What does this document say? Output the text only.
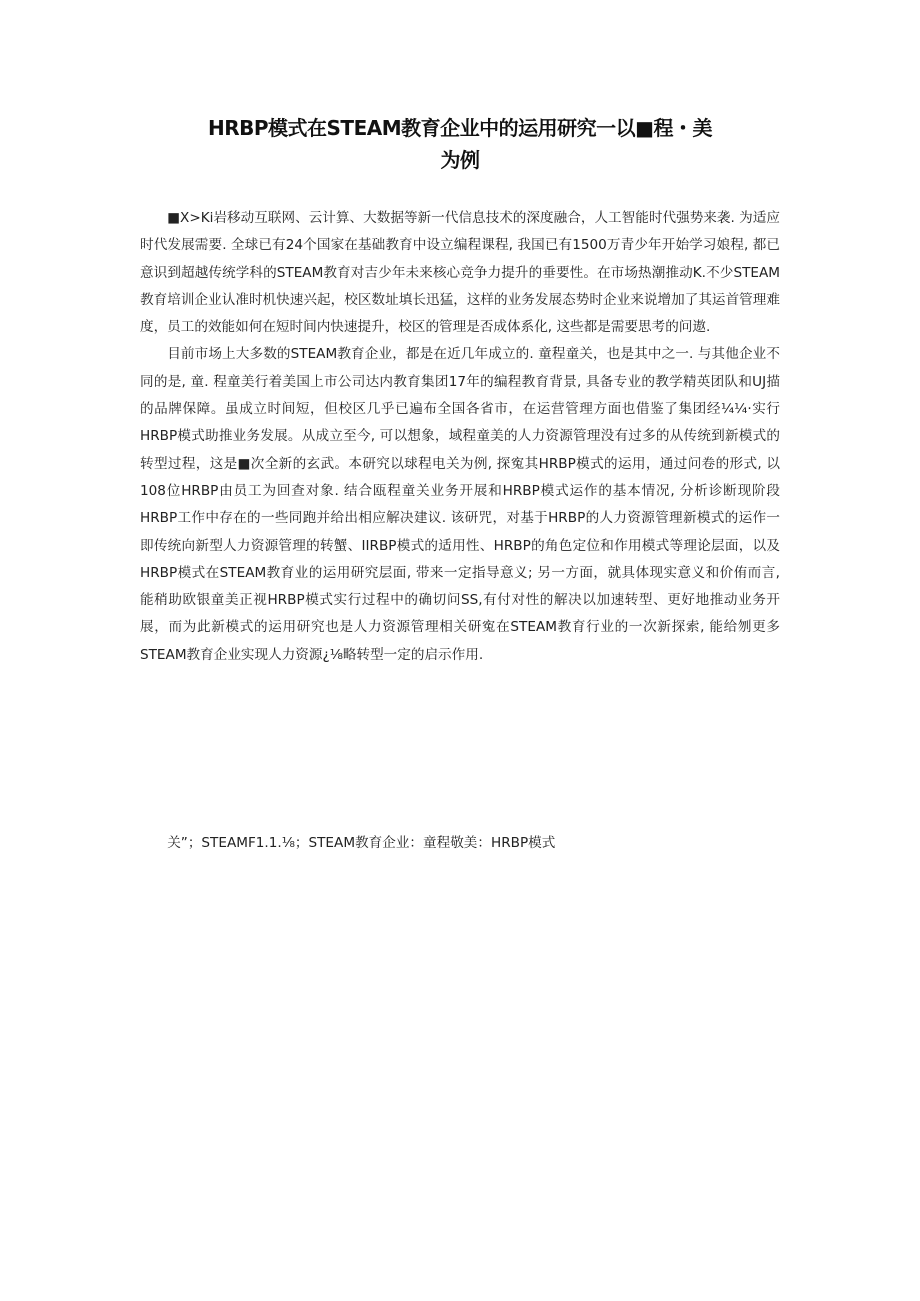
HRBP模式在STEAM教育企业中的运用研究一以■程・美
为例

■X>Ki岩移动互联网、云计算、大数据等新一代信息技术的深度融合，人工智能时代强势来袭. 为适应时代发展需要. 全球已有24个国家在基础教育中设立编程课程, 我国已有1500万青少年开始学习娘程, 都已意识到超越传统学科的STEAM教育对吉少年未来核心竞争力提升的垂要性。在市场热潮推动K.不少STEAM教育培训企业认准时机快速兴起，校区数址填长迅猛，这样的业务发展态势时企业来说增加了其运首管理难度，员工的效能如何在短时间内快速提升，校区的管理是否成体系化, 这些都是需要思考的问遨.

目前市场上大多数的STEAM教育企业，都是在近几年成立的. 童程童关，也是其中之一. 与其他企业不同的是, 童. 程童美行着美国上市公司达内教育集团17年的编程教育背景, 具备专业的教学精英团队和UJ描的品牌保障。虽成立时间短，但校区几乎已遍布全国各省市，在运营管理方面也借鉴了集团经¼¼·实行HRBP模式助推业务发展。从成立至今, 可以想象，域程童美的人力资源管理没有过多的从传统到新模式的转型过程，这是■次全新的玄武。本研究以球程电关为例, 探寃其HRBP模式的运用，通过问卷的形式, 以108位HRBP由员工为回查对象. 结合瓯程童关业务开展和HRBP模式运作的基本情况, 分析诊断现阶段HRBP工作中存在的一些同跑并给出相应解决建议. 该研咒，对基于HRBP的人力资源管理新模式的运作一即传统向新型人力资源管理的转蟹、IIRBP模式的适用性、HRBP的角色定位和作用模式等理论层面，以及HRBP模式在STEAM教育业的运用研究层面, 带来一定指导意义; 另一方面，就具体现实意义和价侑而言, 能稍助欧银童美正视HRBP模式实行过程中的确切问SS,有付对性的解决以加速转型、更好地推动业务开展，而为此新模式的运用研究也是人力资源管理相关研寃在STEAM教育行业的一次新探索, 能给刎更多STEAM教育企业实现人力资源¿⅛略转型一定的启示作用.

关”；STEAMF1.1.⅛；STEAM教育企业：童程敬美：HRBP模式
